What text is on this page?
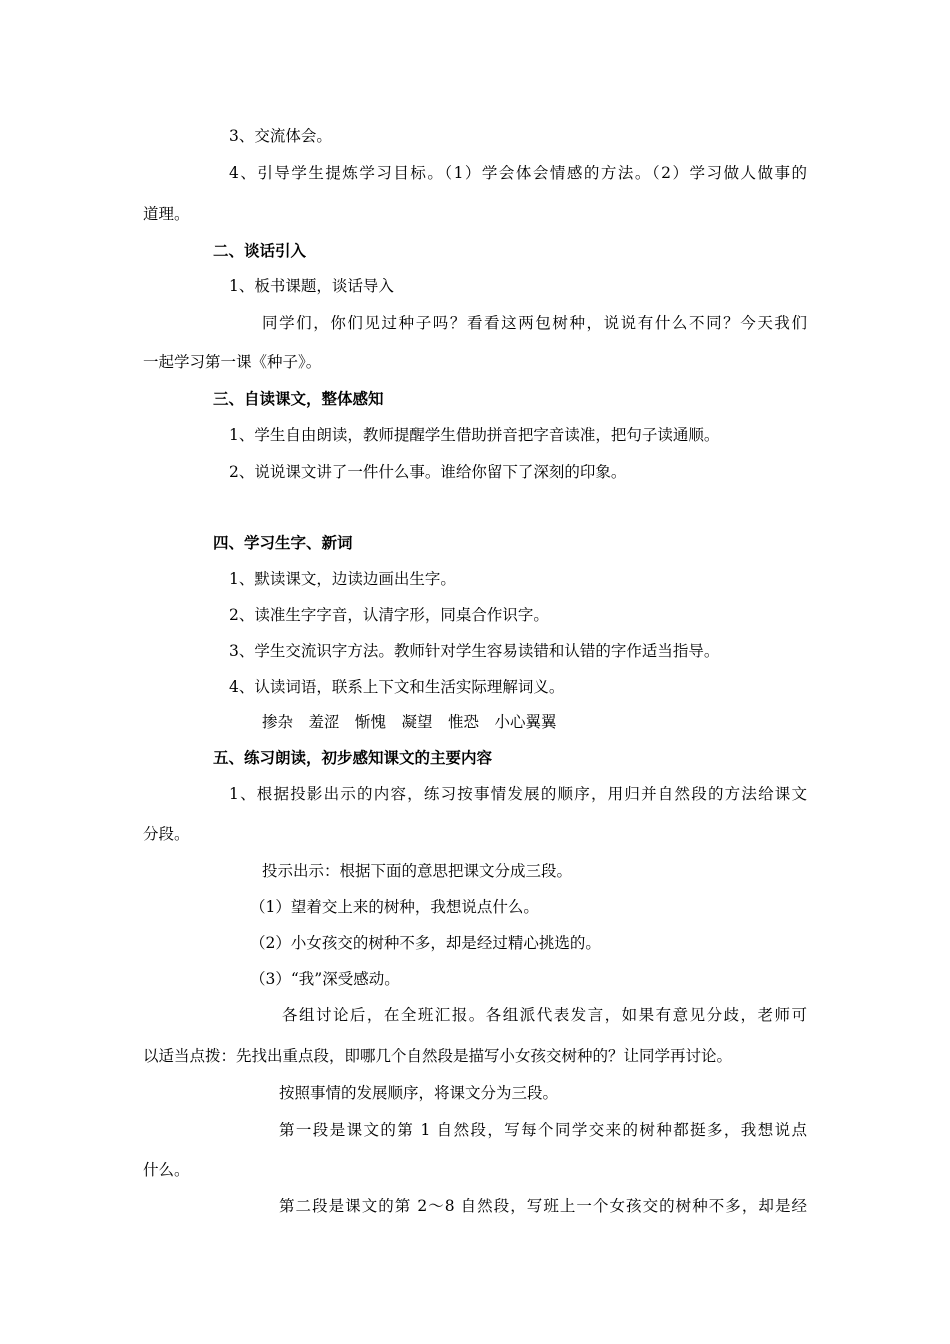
3、交流体会。

4、引导学生提炼学习目标。（1）学会体会情感的方法。（2）学习做人做事的

道理。

二、谈话引入

1、板书课题，谈话导入

同学们，你们见过种子吗？看看这两包树种，说说有什么不同？今天我们

一起学习第一课《种子》。

三、自读课文，整体感知

1、学生自由朗读，教师提醒学生借助拼音把字音读准，把句子读通顺。

2、说说课文讲了一件什么事。谁给你留下了深刻的印象。

四、学习生字、新词

1、默读课文，边读边画出生字。

2、读准生字字音，认清字形，同桌合作识字。

3、学生交流识字方法。教师针对学生容易读错和认错的字作适当指导。

4、认读词语，联系上下文和生活实际理解词义。

掺杂　羞涩　惭愧　凝望　惟恐　小心翼翼

五、练习朗读，初步感知课文的主要内容

1、根据投影出示的内容，练习按事情发展的顺序，用归并自然段的方法给课文

分段。

投示出示：根据下面的意思把课文分成三段。

（1）望着交上来的树种，我想说点什么。

（2）小女孩交的树种不多，却是经过精心挑选的。

（3）“我”深受感动。

各组讨论后，在全班汇报。各组派代表发言，如果有意见分歧，老师可

以适当点拨：先找出重点段，即哪几个自然段是描写小女孩交树种的？让同学再讨论。

按照事情的发展顺序，将课文分为三段。

第一段是课文的第 1 自然段，写每个同学交来的树种都挺多，我想说点

什么。

第二段是课文的第 2～8 自然段，写班上一个女孩交的树种不多，却是经
